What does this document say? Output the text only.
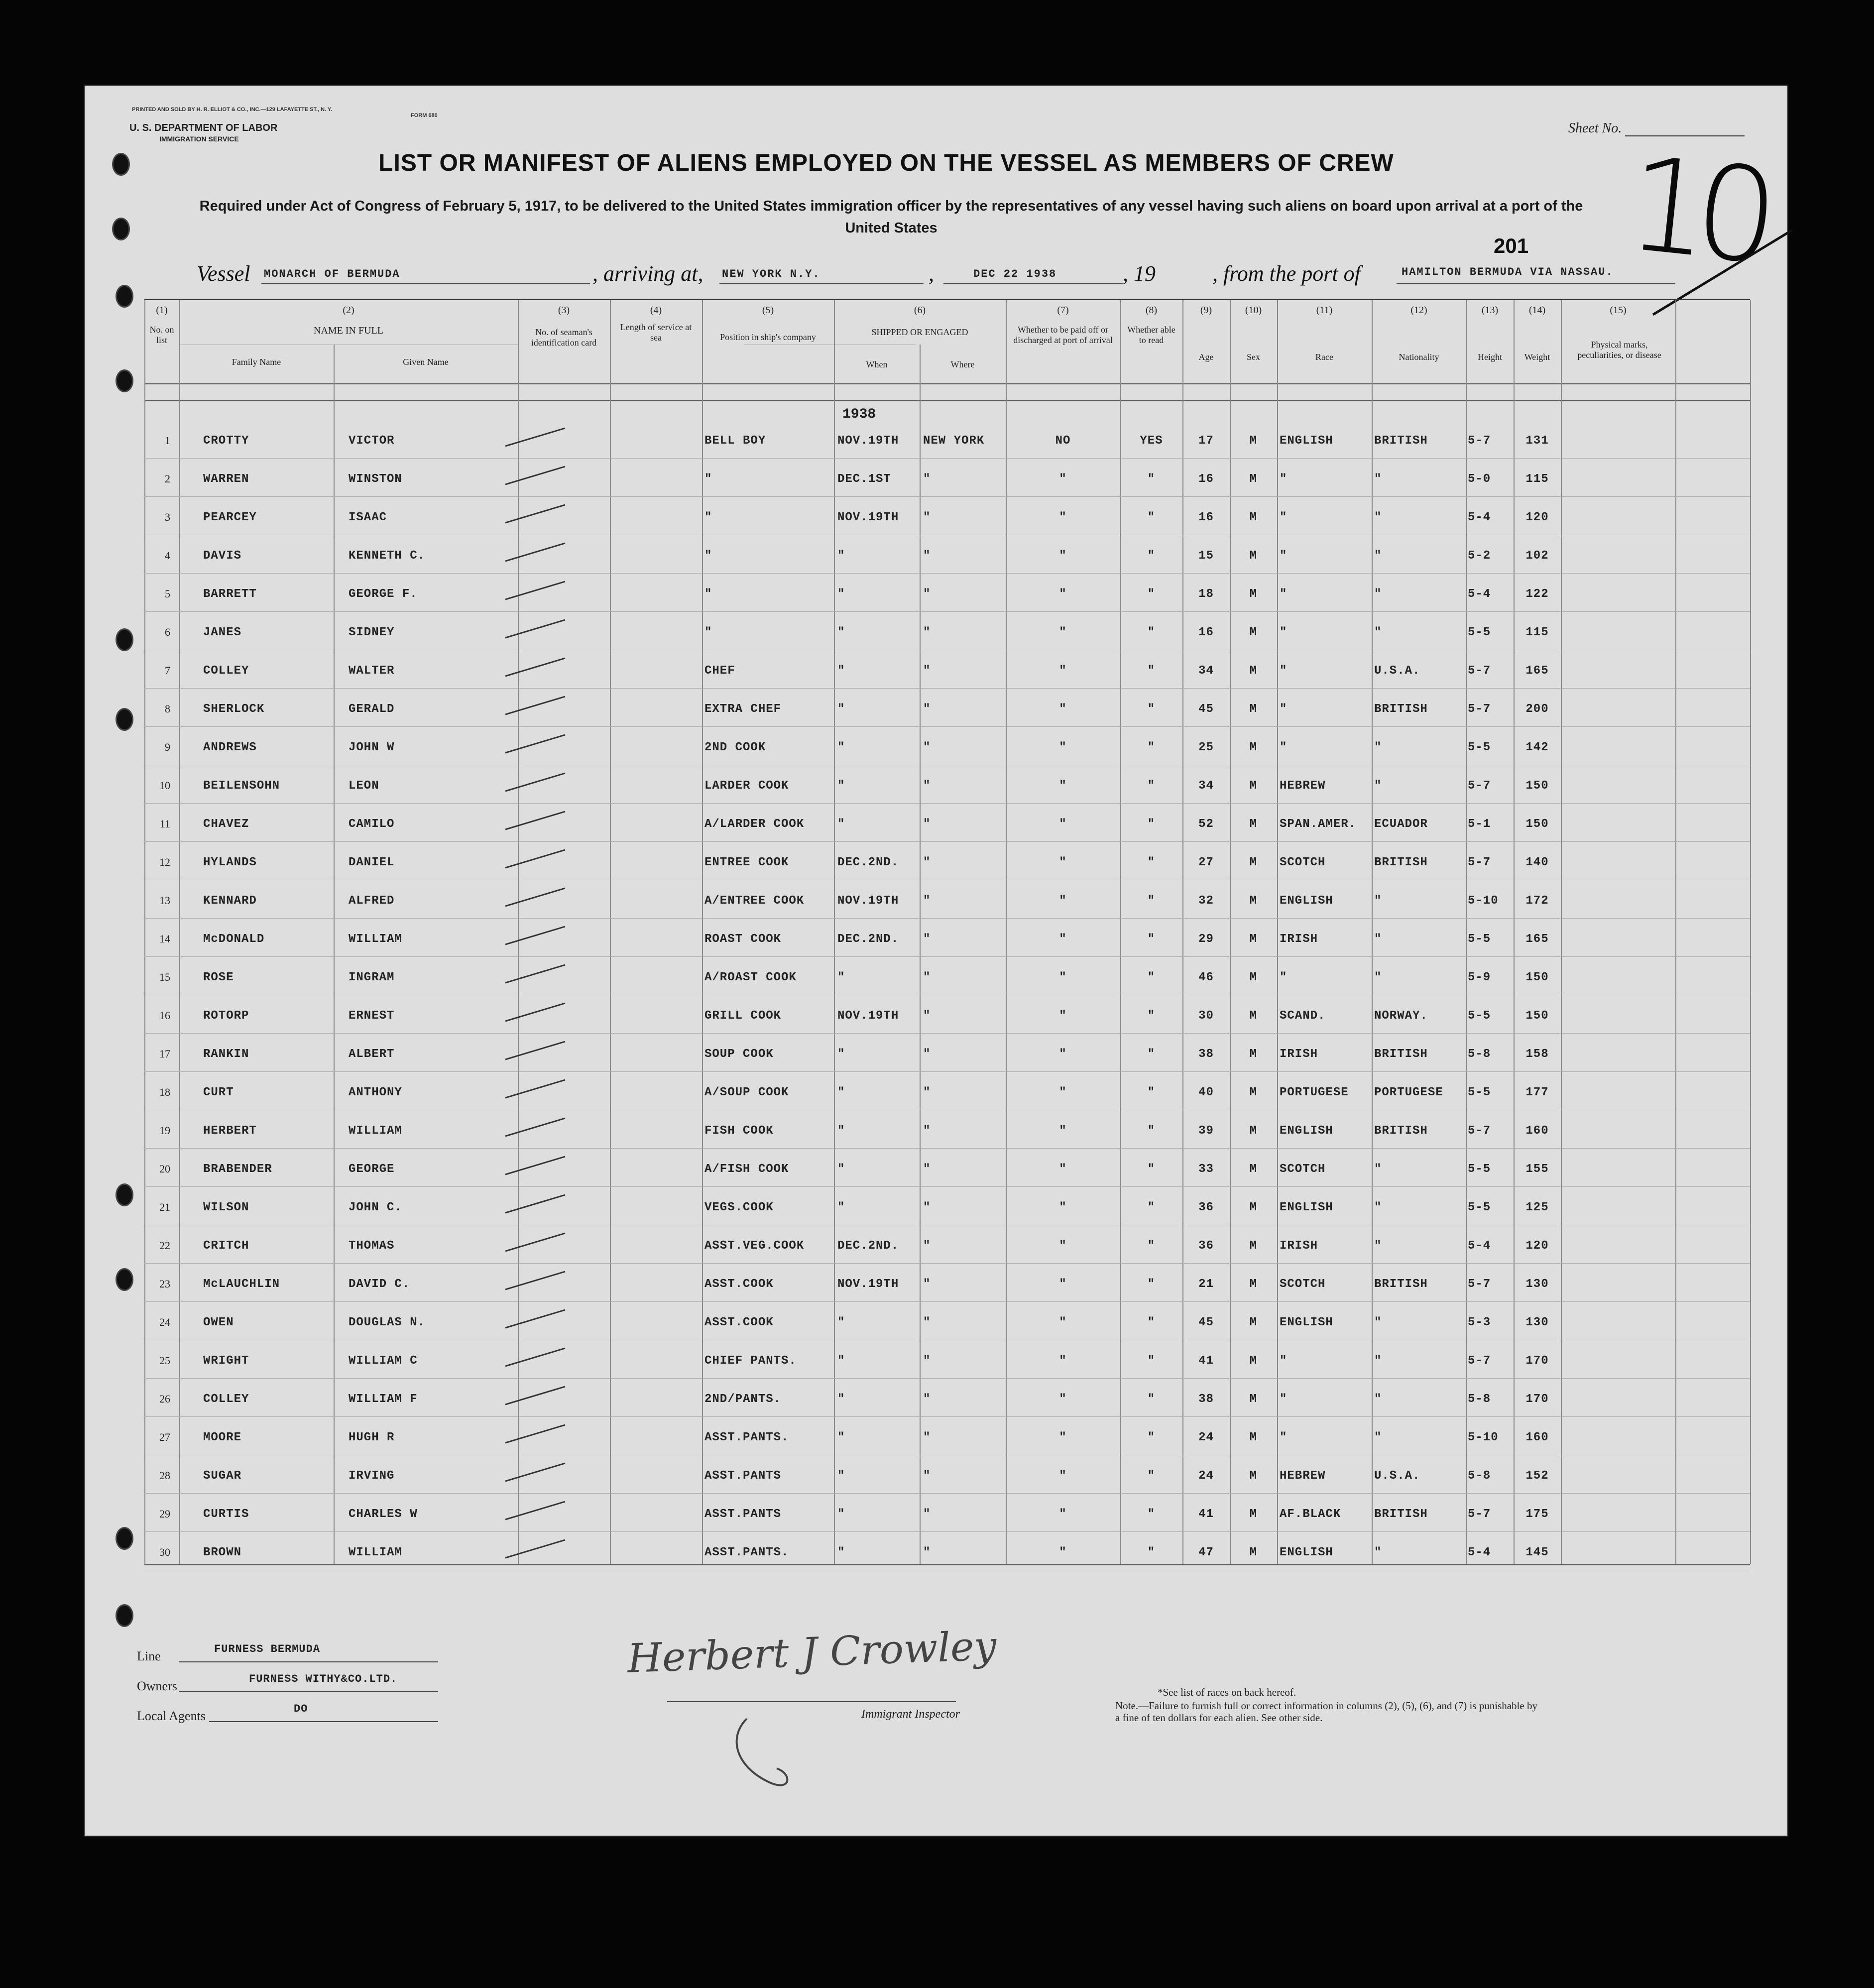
PRINTED AND SOLD BY H. R. ELLIOT & CO., INC.—129 LAFAYETTE ST., N. Y.
FORM 680
U. S. DEPARTMENT OF LABOR
IMMIGRATION SERVICE
Sheet No.
10
LIST OR MANIFEST OF ALIENS EMPLOYED ON THE VESSEL AS MEMBERS OF CREW
Required under Act of Congress of February 5, 1917, to be delivered to the United States immigration officer by the representatives of any vessel having such aliens on board upon arrival at a port of the United States
201
Vessel MONARCH OF BERMUDA	, arriving at, NEW YORK N.Y.	,	DEC 22 1938	, 19	, from the port of	HAMILTON BERMUDA VIA NASSAU.
(1)	(2)	(3)	(4)	(5)	(6)	(7)	(8)	(9)	(10)	(11)	(12)	(13)	(14)	(15)
No. on list
NAME IN FULL
Family Name	Given Name
No. of seaman's identification card
Length of service at sea	Position in ship's company	SHIPPED OR ENGAGED
When	Where
Whether to be paid off or discharged at port of arrival
Whether able to read
Age	Sex	Race	Nationality	Height	Weight
Physical marks, peculiarities, or disease
1938
1	CROTTY	VICTOR	BELL BOY	NOV.19TH	NEW YORK	NO	YES	17	M	ENGLISH	BRITISH	5-7	131
2	WARREN	WINSTON	"	DEC.1ST	"	"	"	16	M	"	"	5-0	115
3	PEARCEY	ISAAC	"	NOV.19TH	"	"	"	16	M	"	"	5-4	120
4	DAVIS	KENNETH C.	"	"	"	"	"	15	M	"	"	5-2	102
5	BARRETT	GEORGE F.	"	"	"	"	"	18	M	"	"	5-4	122
6	JANES	SIDNEY	"	"	"	"	"	16	M	"	"	5-5	115
7	COLLEY	WALTER	CHEF	"	"	"	"	34	M	"	U.S.A.	5-7	165
8	SHERLOCK	GERALD	EXTRA CHEF	"	"	"	"	45	M	"	BRITISH	5-7	200
9	ANDREWS	JOHN W	2ND COOK	"	"	"	"	25	M	"	"	5-5	142
10	BEILENSOHN	LEON	LARDER COOK	"	"	"	"	34	M	HEBREW	"	5-7	150
11	CHAVEZ	CAMILO	A/LARDER COOK	"	"	"	"	52	M	SPAN.AMER.	ECUADOR	5-1	150
12	HYLANDS	DANIEL	ENTREE COOK	DEC.2ND.	"	"	"	27	M	SCOTCH	BRITISH	5-7	140
13	KENNARD	ALFRED	A/ENTREE COOK	NOV.19TH	"	"	"	32	M	ENGLISH	"	5-10	172
14	McDONALD	WILLIAM	ROAST COOK	DEC.2ND.	"	"	"	29	M	IRISH	"	5-5	165
15	ROSE	INGRAM	A/ROAST COOK	"	"	"	"	46	M	"	"	5-9	150
16	ROTORP	ERNEST	GRILL COOK	NOV.19TH	"	"	"	30	M	SCAND.	NORWAY.	5-5	150
17	RANKIN	ALBERT	SOUP COOK	"	"	"	"	38	M	IRISH	BRITISH	5-8	158
18	CURT	ANTHONY	A/SOUP COOK	"	"	"	"	40	M	PORTUGESE	PORTUGESE	5-5	177
19	HERBERT	WILLIAM	FISH COOK	"	"	"	"	39	M	ENGLISH	BRITISH	5-7	160
20	BRABENDER	GEORGE	A/FISH COOK	"	"	"	"	33	M	SCOTCH	"	5-5	155
21	WILSON	JOHN C.	VEGS.COOK	"	"	"	"	36	M	ENGLISH	"	5-5	125
22	CRITCH	THOMAS	ASST.VEG.COOK	DEC.2ND.	"	"	"	36	M	IRISH	"	5-4	120
23	McLAUCHLIN	DAVID C.	ASST.COOK	NOV.19TH	"	"	"	21	M	SCOTCH	BRITISH	5-7	130
24	OWEN	DOUGLAS N.	ASST.COOK	"	"	"	"	45	M	ENGLISH	"	5-3	130
25	WRIGHT	WILLIAM C	CHIEF PANTS.	"	"	"	"	41	M	"	"	5-7	170
26	COLLEY	WILLIAM F	2ND/PANTS.	"	"	"	"	38	M	"	"	5-8	170
27	MOORE	HUGH R	ASST.PANTS.	"	"	"	"	24	M	"	"	5-10	160
28	SUGAR	IRVING	ASST.PANTS	"	"	"	"	24	M	HEBREW	U.S.A.	5-8	152
29	CURTIS	CHARLES W	ASST.PANTS	"	"	"	"	41	M	AF.BLACK	BRITISH	5-7	175
30	BROWN	WILLIAM	ASST.PANTS.	"	"	"	"	47	M	ENGLISH	"	5-4	145
Line	FURNESS BERMUDA
Owners	FURNESS WITHY&CO.LTD.
Local Agents	DO
Herbert J Crowley
Immigrant Inspector
*See list of races on back hereof.
Note.—Failure to furnish full or correct information in columns (2), (5), (6), and (7) is punishable by a fine of ten dollars for each alien. See other side.
